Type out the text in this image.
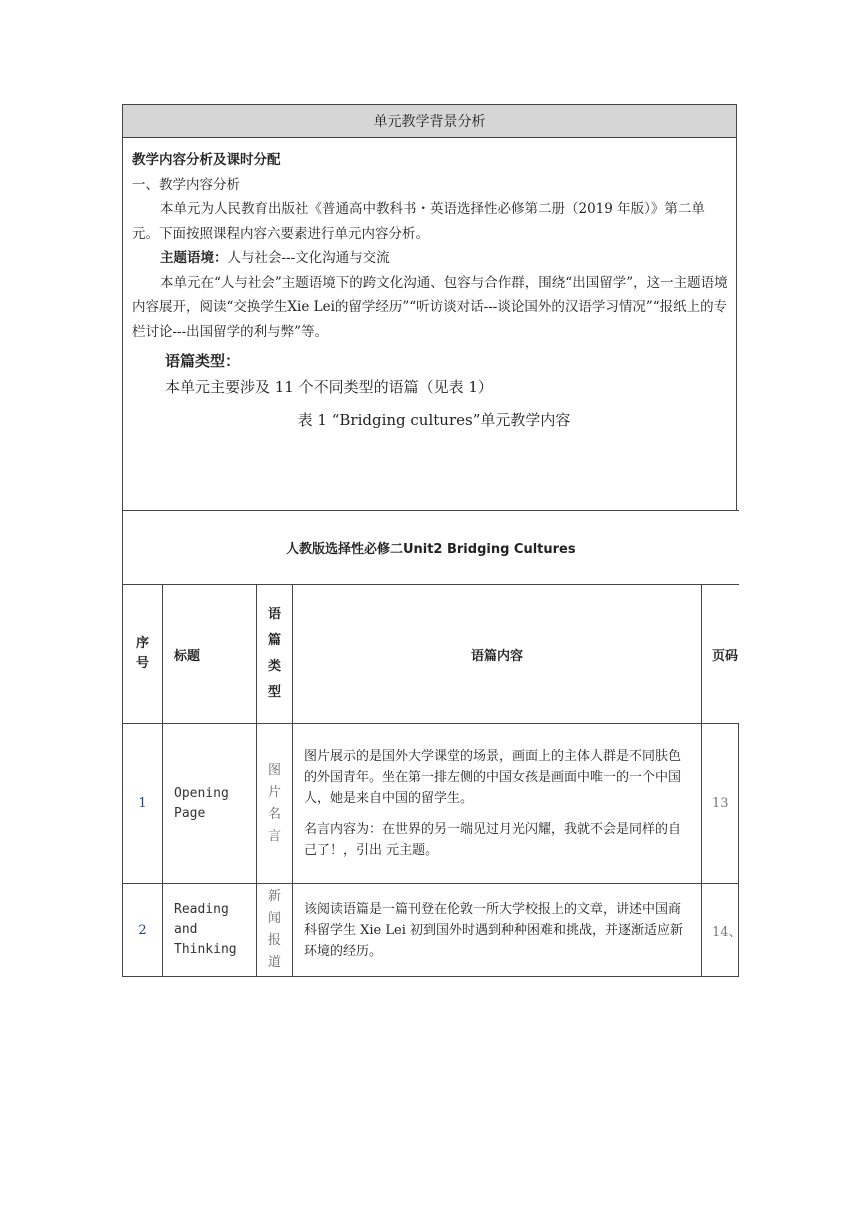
单元教学背景分析

教学内容分析及课时分配

一、教学内容分析

本单元为人民教育出版社《普通高中教科书・英语选择性必修第二册（2019 年版）》第二单元。下面按照课程内容六要素进行单元内容分析。

主题语境：人与社会---文化沟通与交流

本单元在“人与社会”主题语境下的跨文化沟通、包容与合作群，围绕“出国留学”，这一主题语境内容展开，阅读“交换学生Xie Lei的留学经历”“听访谈对话---谈论国外的汉语学习情况”“报纸上的专栏讨论---出国留学的利与弊”等。

语篇类型：

本单元主要涉及 11 个不同类型的语篇（见表 1）

表 1 “Bridging cultures”单元教学内容

人教版选择性必修二Unit2 Bridging Cultures				
序号	标题	语篇类型	语篇内容	页码
1	Opening Page	图片名言	图片展示的是国外大学课堂的场景，画面上的主体人群是不同肤色的外国青年。坐在第一排左侧的中国女孩是画面中唯一的一个中国人，她是来自中国的留学生。

名言内容为：在世界的另一端见过月光闪耀，我就不会是同样的自己了！，引出 元主题。	13
2	Reading and Thinking	新闻报道	该阅读语篇是一篇刊登在伦敦一所大学校报上的文章，讲述中国商科留学生 Xie Lei 初到国外时遇到种种困难和挑战，并逐渐适应新环境的经历。	14、
